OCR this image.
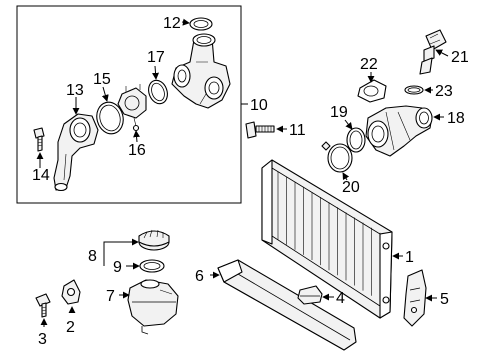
1
2
3
4	5
6
7
8
9
10
11
12
13
14
15
16
17
18
19
20
21
22
23
